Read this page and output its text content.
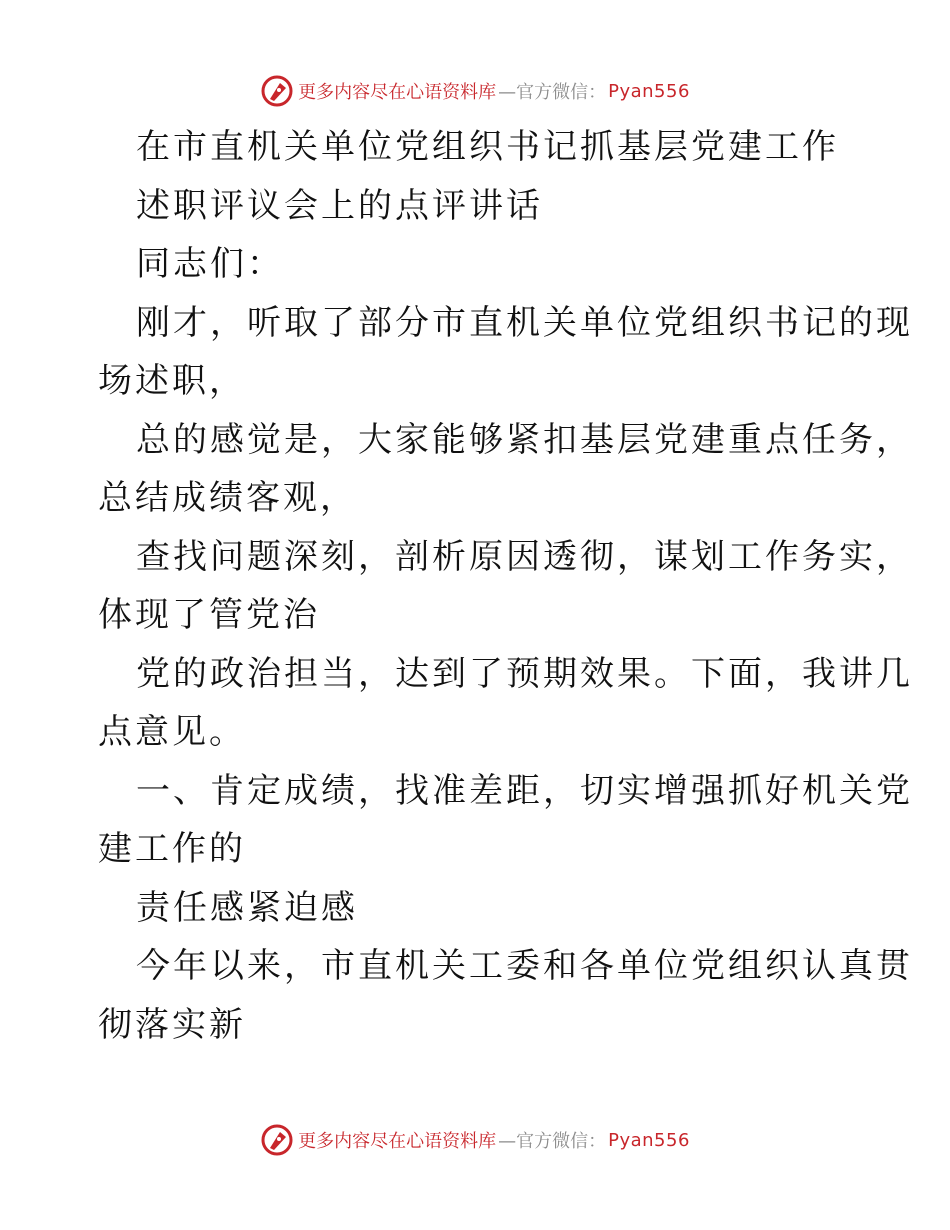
更多内容尽在心语资料库 —官方微信： Pyan556
在市直机关单位党组织书记抓基层党建工作
述职评议会上的点评讲话
同志们：
刚才，听取了部分市直机关单位党组织书记的现
场述职，
总的感觉是，大家能够紧扣基层党建重点任务，
总结成绩客观，
查找问题深刻，剖析原因透彻，谋划工作务实，
体现了管党治
党的政治担当，达到了预期效果。下面，我讲几
点意见。
一、肯定成绩，找准差距，切实增强抓好机关党
建工作的
责任感紧迫感
今年以来，市直机关工委和各单位党组织认真贯
彻落实新
更多内容尽在心语资料库 —官方微信： Pyan556
